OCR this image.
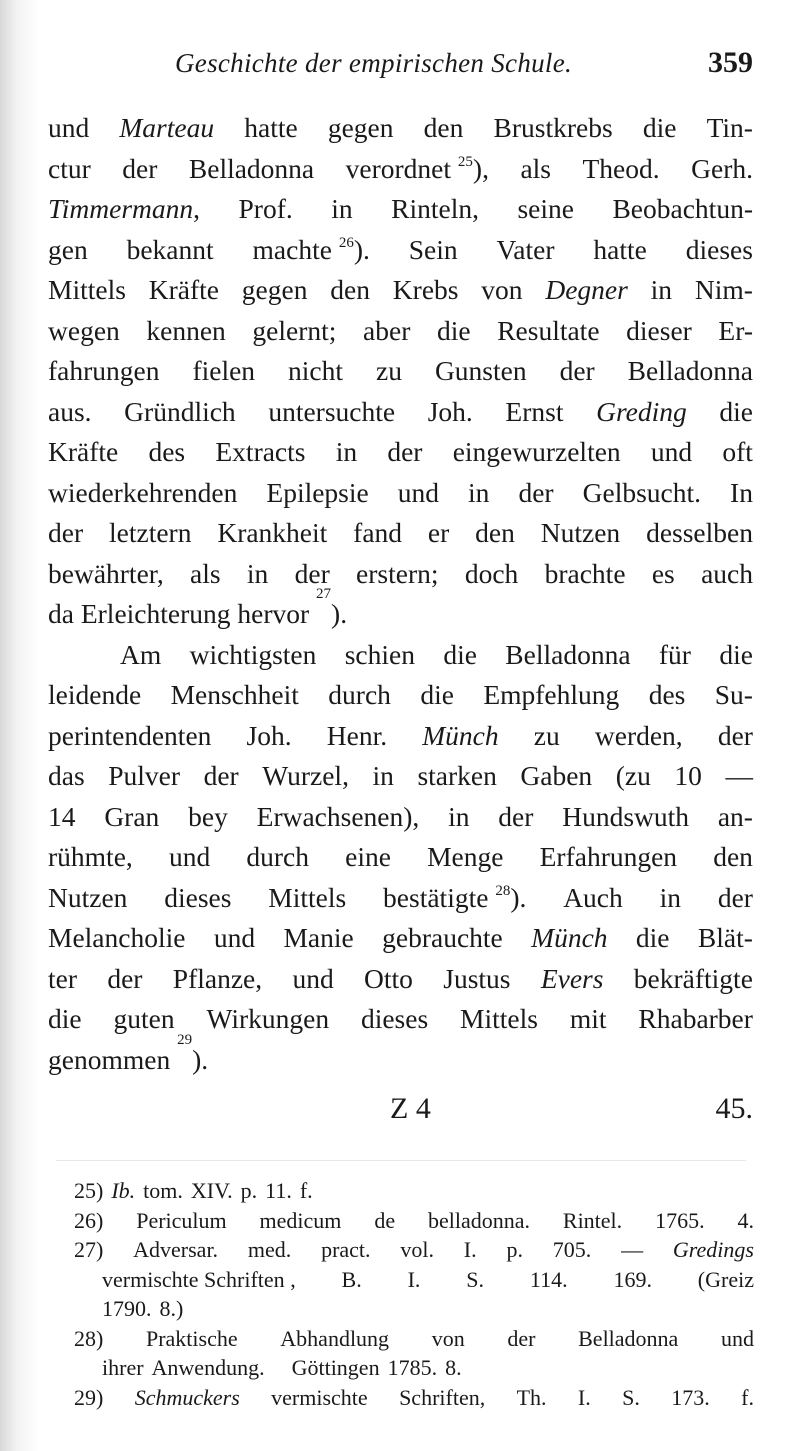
Geschichte der empirischen Schule.	359
und Marteau hatte gegen den Brustkrebs die Tin-
ctur der Belladonna verordnet $^{25}$), als Theod. Gerh.
Timmermann, Prof. in Rinteln, seine Beobachtun-
gen bekannt machte $^{26}$). Sein Vater hatte dieses
Mittels Kräfte gegen den Krebs von Degner in Nim-
wegen kennen gelernt; aber die Resultate dieser Er-
fahrungen fielen nicht zu Gunsten der Belladonna
aus. Gründlich untersuchte Joh. Ernst Greding die
Kräfte des Extracts in der eingewurzelten und oft
wiederkehrenden Epilepsie und in der Gelbsucht. In
der letztern Krankheit fand er den Nutzen desselben
bewährter, als in der erstern; doch brachte es auch
da
Erleichterung
hervor

27
).
Am wichtigsten schien die Belladonna für die
leidende Menschheit durch die Empfehlung des Su-
perintendenten Joh. Henr. Münch zu werden, der
das Pulver der Wurzel, in starken Gaben (zu 10 —
14 Gran bey Erwachsenen), in der Hundswuth an-
rühmte, und durch eine Menge Erfahrungen den
Nutzen dieses Mittels bestätigte $^{28}$). Auch in der
Melancholie und Manie gebrauchte Münch die Blät-
ter der Pflanze, und Otto Justus Evers bekräftigte
die guten Wirkungen dieses Mittels mit Rhabarber
genommen

29
).
Z 4	45.
25) Ib. tom. XIV. p. 11. f.
26) Periculum medicum de belladonna. Rintel. 1765. 4.
27) Adversar. med. pract. vol. I. p. 705. — Gredings
vermischte Schriften , B. I. S. 114. 169. (Greiz
1790. 8.)
28) Praktische Abhandlung von der Belladonna und
ihrer Anwendung.
Göttingen 1785. 8.
29) Schmuckers vermischte Schriften, Th. I. S. 173. f.
